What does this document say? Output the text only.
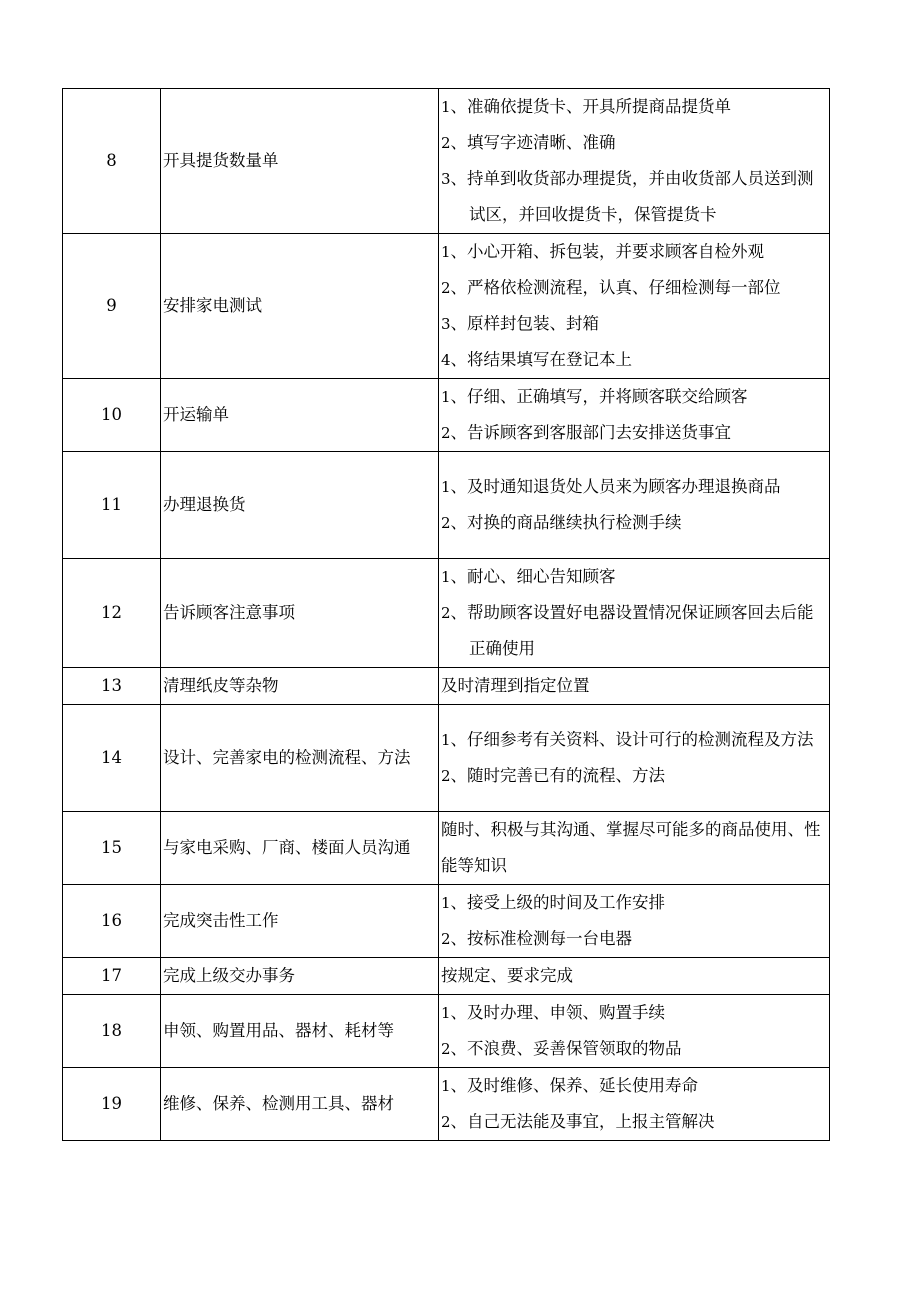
8	开具提货数量单	1、准确依提货卡、开具所提商品提货单
2、填写字迹清晰、准确
3、持单到收货部办理提货，并由收货部人员送到测试区，并回收提货卡，保管提货卡

9	安排家电测试	1、小心开箱、拆包装，并要求顾客自检外观
2、严格依检测流程，认真、仔细检测每一部位
3、原样封包装、封箱
4、将结果填写在登记本上

10	开运输单	1、仔细、正确填写，并将顾客联交给顾客
2、告诉顾客到客服部门去安排送货事宜

11	办理退换货	1、及时通知退货处人员来为顾客办理退换商品
2、对换的商品继续执行检测手续

12	告诉顾客注意事项	1、耐心、细心告知顾客
2、帮助顾客设置好电器设置情况保证顾客回去后能正确使用

13	清理纸皮等杂物	及时清理到指定位置

14	设计、完善家电的检测流程、方法	1、仔细参考有关资料、设计可行的检测流程及方法
2、随时完善已有的流程、方法

15	与家电采购、厂商、楼面人员沟通	随时、积极与其沟通、掌握尽可能多的商品使用、性能等知识

16	完成突击性工作	1、接受上级的时间及工作安排
2、按标准检测每一台电器

17	完成上级交办事务	按规定、要求完成

18	申领、购置用品、器材、耗材等	1、及时办理、申领、购置手续
2、不浪费、妥善保管领取的物品

19	维修、保养、检测用工具、器材	1、及时维修、保养、延长使用寿命
2、自己无法能及事宜，上报主管解决
